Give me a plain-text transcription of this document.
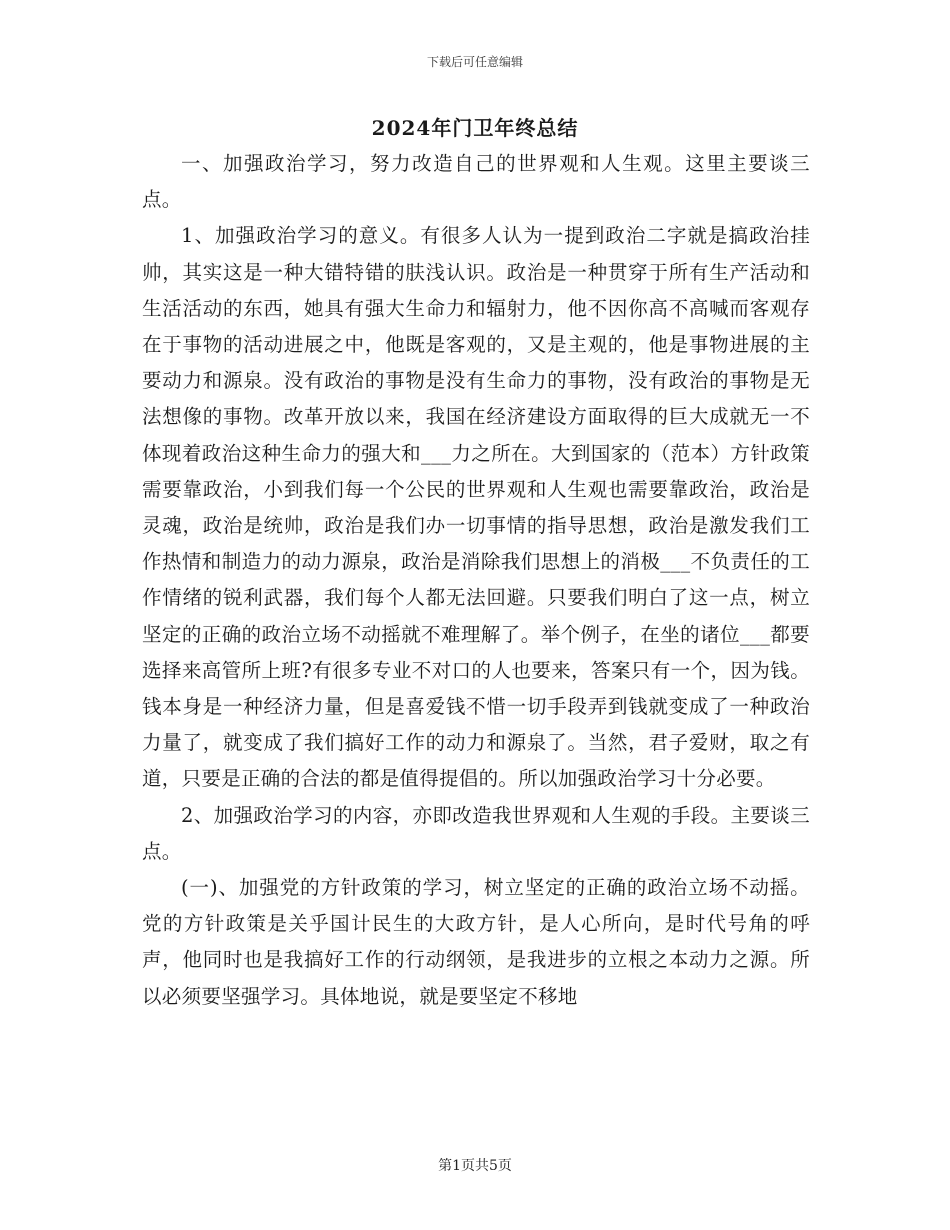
下载后可任意编辑
2024年门卫年终总结

一、加强政治学习，努力改造自己的世界观和人生观。这里主要谈三点。

1、加强政治学习的意义。有很多人认为一提到政治二字就是搞政治挂帅，其实这是一种大错特错的肤浅认识。政治是一种贯穿于所有生产活动和生活活动的东西，她具有强大生命力和辐射力，他不因你高不高喊而客观存在于事物的活动进展之中，他既是客观的，又是主观的，他是事物进展的主要动力和源泉。没有政治的事物是没有生命力的事物，没有政治的事物是无法想像的事物。改革开放以来，我国在经济建设方面取得的巨大成就无一不体现着政治这种生命力的强大和___力之所在。大到国家的（范本）方针政策需要靠政治，小到我们每一个公民的世界观和人生观也需要靠政治，政治是灵魂，政治是统帅，政治是我们办一切事情的指导思想，政治是激发我们工作热情和制造力的动力源泉，政治是消除我们思想上的消极___不负责任的工作情绪的锐利武器，我们每个人都无法回避。只要我们明白了这一点，树立坚定的正确的政治立场不动摇就不难理解了。举个例子，在坐的诸位___都要选择来高管所上班?有很多专业不对口的人也要来，答案只有一个，因为钱。钱本身是一种经济力量，但是喜爱钱不惜一切手段弄到钱就变成了一种政治力量了，就变成了我们搞好工作的动力和源泉了。当然，君子爱财，取之有道，只要是正确的合法的都是值得提倡的。所以加强政治学习十分必要。

2、加强政治学习的内容，亦即改造我世界观和人生观的手段。主要谈三点。

(一)、加强党的方针政策的学习，树立坚定的正确的政治立场不动摇。党的方针政策是关乎国计民生的大政方针，是人心所向，是时代号角的呼声，他同时也是我搞好工作的行动纲领，是我进步的立根之本动力之源。所以必须要坚强学习。具体地说，就是要坚定不移地

第1页共5页
